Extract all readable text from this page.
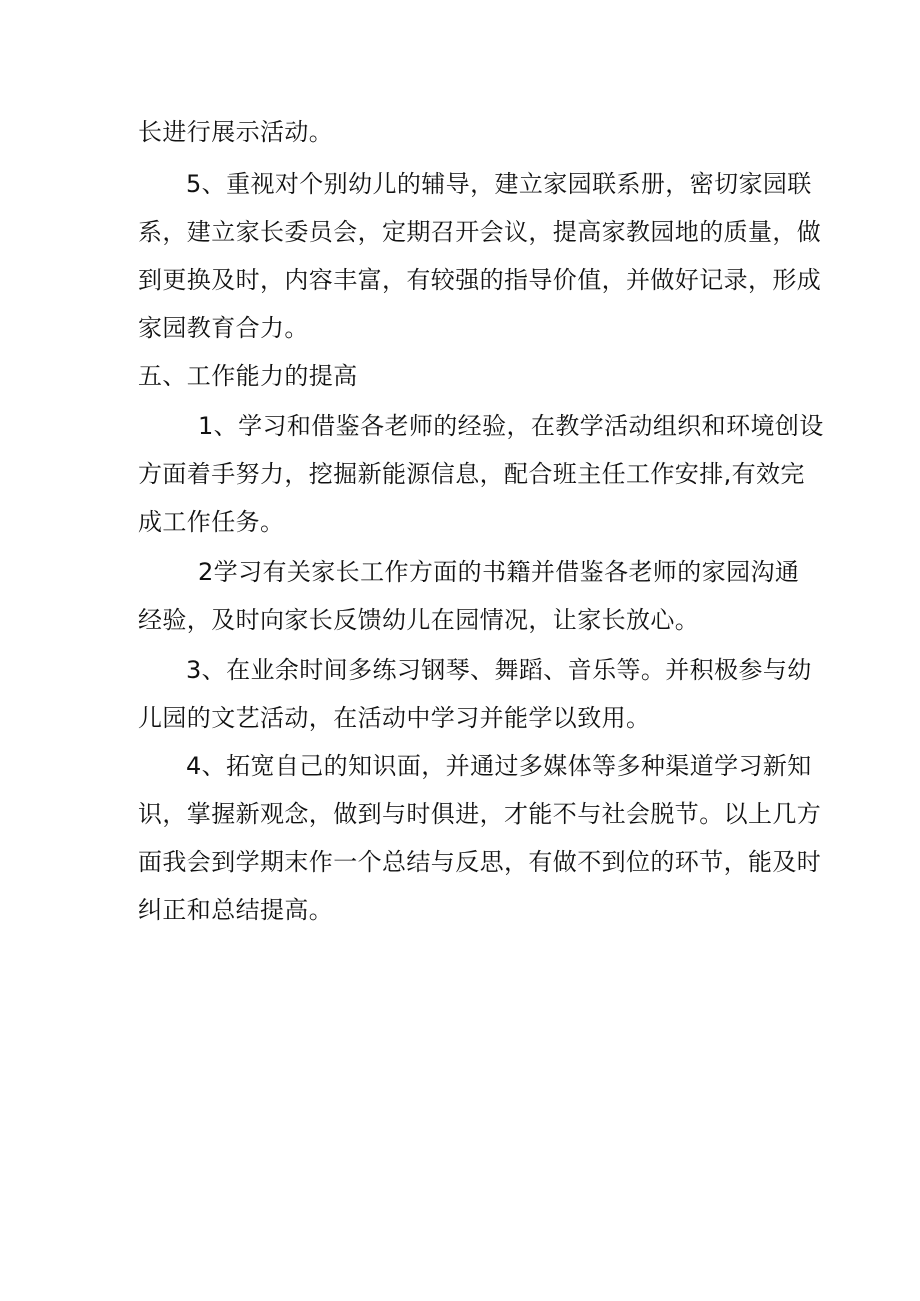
长进行展示活动。
5、重视对个别幼儿的辅导，建立家园联系册，密切家园联
系，建立家长委员会，定期召开会议，提高家教园地的质量，做
到更换及时，内容丰富，有较强的指导价值，并做好记录，形成
家园教育合力。
五、工作能力的提高
1、学习和借鉴各老师的经验，在教学活动组织和环境创设
方面着手努力，挖掘新能源信息，配合班主任工作安排,有效完
成工作任务。
2学习有关家长工作方面的书籍并借鉴各老师的家园沟通
经验，及时向家长反馈幼儿在园情况，让家长放心。
3、在业余时间多练习钢琴、舞蹈、音乐等。并积极参与幼
儿园的文艺活动，在活动中学习并能学以致用。
4、拓宽自己的知识面，并通过多媒体等多种渠道学习新知
识，掌握新观念，做到与时俱进，才能不与社会脱节。以上几方
面我会到学期末作一个总结与反思，有做不到位的环节，能及时
纠正和总结提高。
